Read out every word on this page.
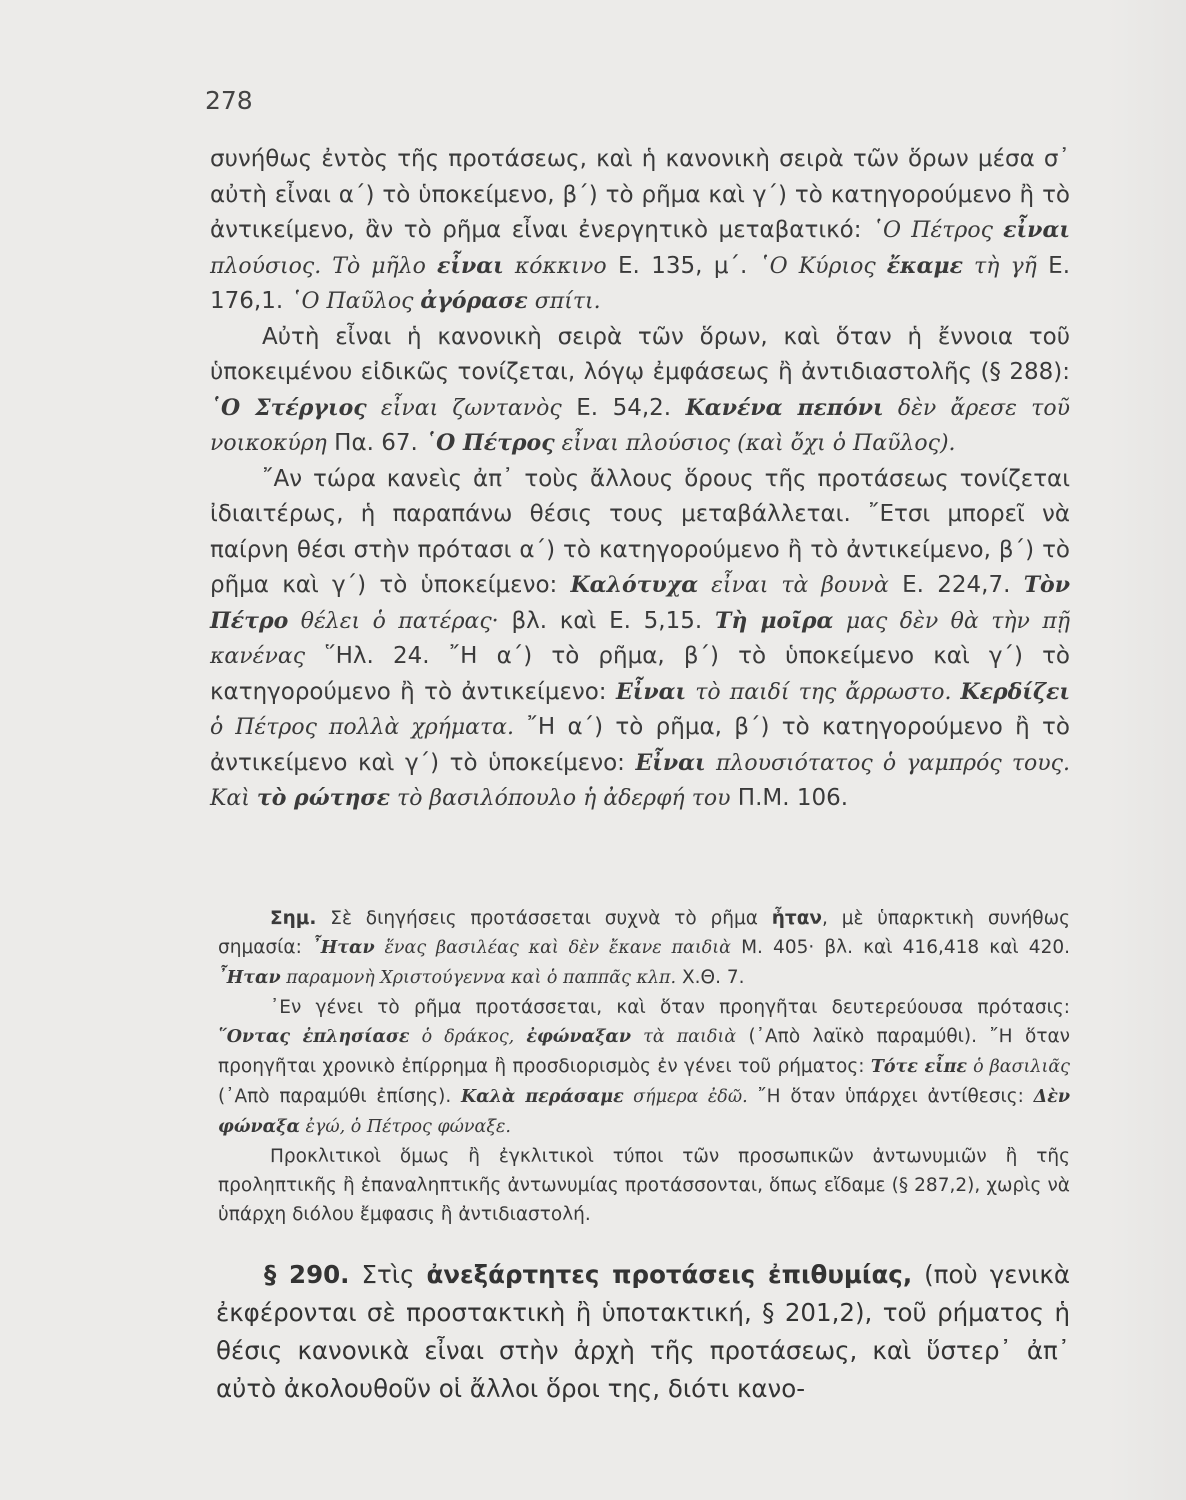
278

συνήθως ἐντὸς τῆς προτάσεως, καὶ ἡ κανονικὴ σειρὰ τῶν ὅρων μέσα σ᾿ αὐτὴ εἶναι α΄) τὸ ὑποκείμενο, β΄) τὸ ρῆμα καὶ γ΄) τὸ κατηγορούμενο ἢ τὸ ἀντικείμενο, ἂν τὸ ρῆμα εἶναι ἐνεργητικὸ μεταβατικό: ῾Ο Πέτρος εἶναι πλούσιος. Τὸ μῆλο εἶναι κόκκινο Ε. 135, μ΄. ῾Ο Κύριος ἔκαμε τὴ γῆ Ε. 176,1. ῾Ο Παῦλος ἀγόρασε σπίτι.

Αὐτὴ εἶναι ἡ κανονικὴ σειρὰ τῶν ὅρων, καὶ ὅταν ἡ ἔννοια τοῦ ὑποκειμένου εἰδικῶς τονίζεται, λόγῳ ἐμφάσεως ἢ ἀντιδιαστολῆς (§ 288): ῾Ο Στέργιος εἶναι ζωντανὸς Ε. 54,2. Κανένα πεπόνι δὲν ἄρεσε τοῦ νοικοκύρη Πα. 67. ῾Ο Πέτρος εἶναι πλούσιος (καὶ ὄχι ὁ Παῦλος).

῎Αν τώρα κανεὶς ἀπ᾿ τοὺς ἄλλους ὅρους τῆς προτάσεως τονίζεται ἰδιαιτέρως, ἡ παραπάνω θέσις τους μεταβάλλεται. ῎Ετσι μπορεῖ νὰ παίρνη θέσι στὴν πρότασι α΄) τὸ κατηγορούμενο ἢ τὸ ἀντικείμενο, β΄) τὸ ρῆμα καὶ γ΄) τὸ ὑποκείμενο: Καλότυχα εἶναι τὰ βουνὰ Ε. 224,7. Τὸν Πέτρο θέλει ὁ πατέρας· βλ. καὶ Ε. 5,15. Τὴ μοῖρα μας δὲν θὰ τὴν πῇ κανένας ῞Ηλ. 24. ῎Η α΄) τὸ ρῆμα, β΄) τὸ ὑποκείμενο καὶ γ΄) τὸ κατηγορούμενο ἢ τὸ ἀντικείμενο: Εἶναι τὸ παιδί της ἄρρωστο. Κερδίζει ὁ Πέτρος πολλὰ χρήματα. ῎Η α΄) τὸ ρῆμα, β΄) τὸ κατηγορούμενο ἢ τὸ ἀντικείμενο καὶ γ΄) τὸ ὑποκείμενο: Εἶναι πλουσιότατος ὁ γαμπρός τους. Καὶ τὸ ρώτησε τὸ βασιλόπουλο ἡ ἀδερφή του Π.Μ. 106.

Σημ. Σὲ διηγήσεις προτάσσεται συχνὰ τὸ ρῆμα ἦταν, μὲ ὑπαρκτικὴ συνήθως σημασία: ῏Ηταν ἕνας βασιλέας καὶ δὲν ἔκανε παιδιὰ Μ. 405· βλ. καὶ 416,418 καὶ 420. ῏Ηταν παραμονὴ Χριστούγεννα καὶ ὁ παππᾶς κλπ. Χ.Θ. 7.

᾿Εν γένει τὸ ρῆμα προτάσσεται, καὶ ὅταν προηγῆται δευτερεύουσα πρότασις: ῞Οντας ἐπλησίασε ὁ δράκος, ἐφώναξαν τὰ παιδιὰ (᾿Απὸ λαϊκὸ παραμύθι). ῎Η ὅταν προηγῆται χρονικὸ ἐπίρρημα ἢ προσδιορισμὸς ἐν γένει τοῦ ρήματος: Τότε εἶπε ὁ βασιλιᾶς (᾿Απὸ παραμύθι ἐπίσης). Καλὰ περάσαμε σήμερα ἐδῶ. ῎Η ὅταν ὑπάρχει ἀντίθεσις: Δὲν φώναξα ἐγώ, ὁ Πέτρος φώναξε.

Προκλιτικοὶ ὅμως ἢ ἐγκλιτικοὶ τύποι τῶν προσωπικῶν ἀντωνυμιῶν ἢ τῆς προληπτικῆς ἢ ἐπαναληπτικῆς ἀντωνυμίας προτάσσονται, ὅπως εἴδαμε (§ 287,2), χωρὶς νὰ ὑπάρχη διόλου ἔμφασις ἢ ἀντιδιαστολή.

§ 290. Στὶς ἀνεξάρτητες προτάσεις ἐπιθυμίας, (ποὺ γενικὰ ἐκφέρονται σὲ προστακτικὴ ἢ ὑποτακτική, § 201,2), τοῦ ρήματος ἡ θέσις κανονικὰ εἶναι στὴν ἀρχὴ τῆς προτάσεως, καὶ ὕστερ᾿ ἀπ᾿ αὐτὸ ἀκολουθοῦν οἱ ἄλλοι ὅροι της, διότι κανο-
